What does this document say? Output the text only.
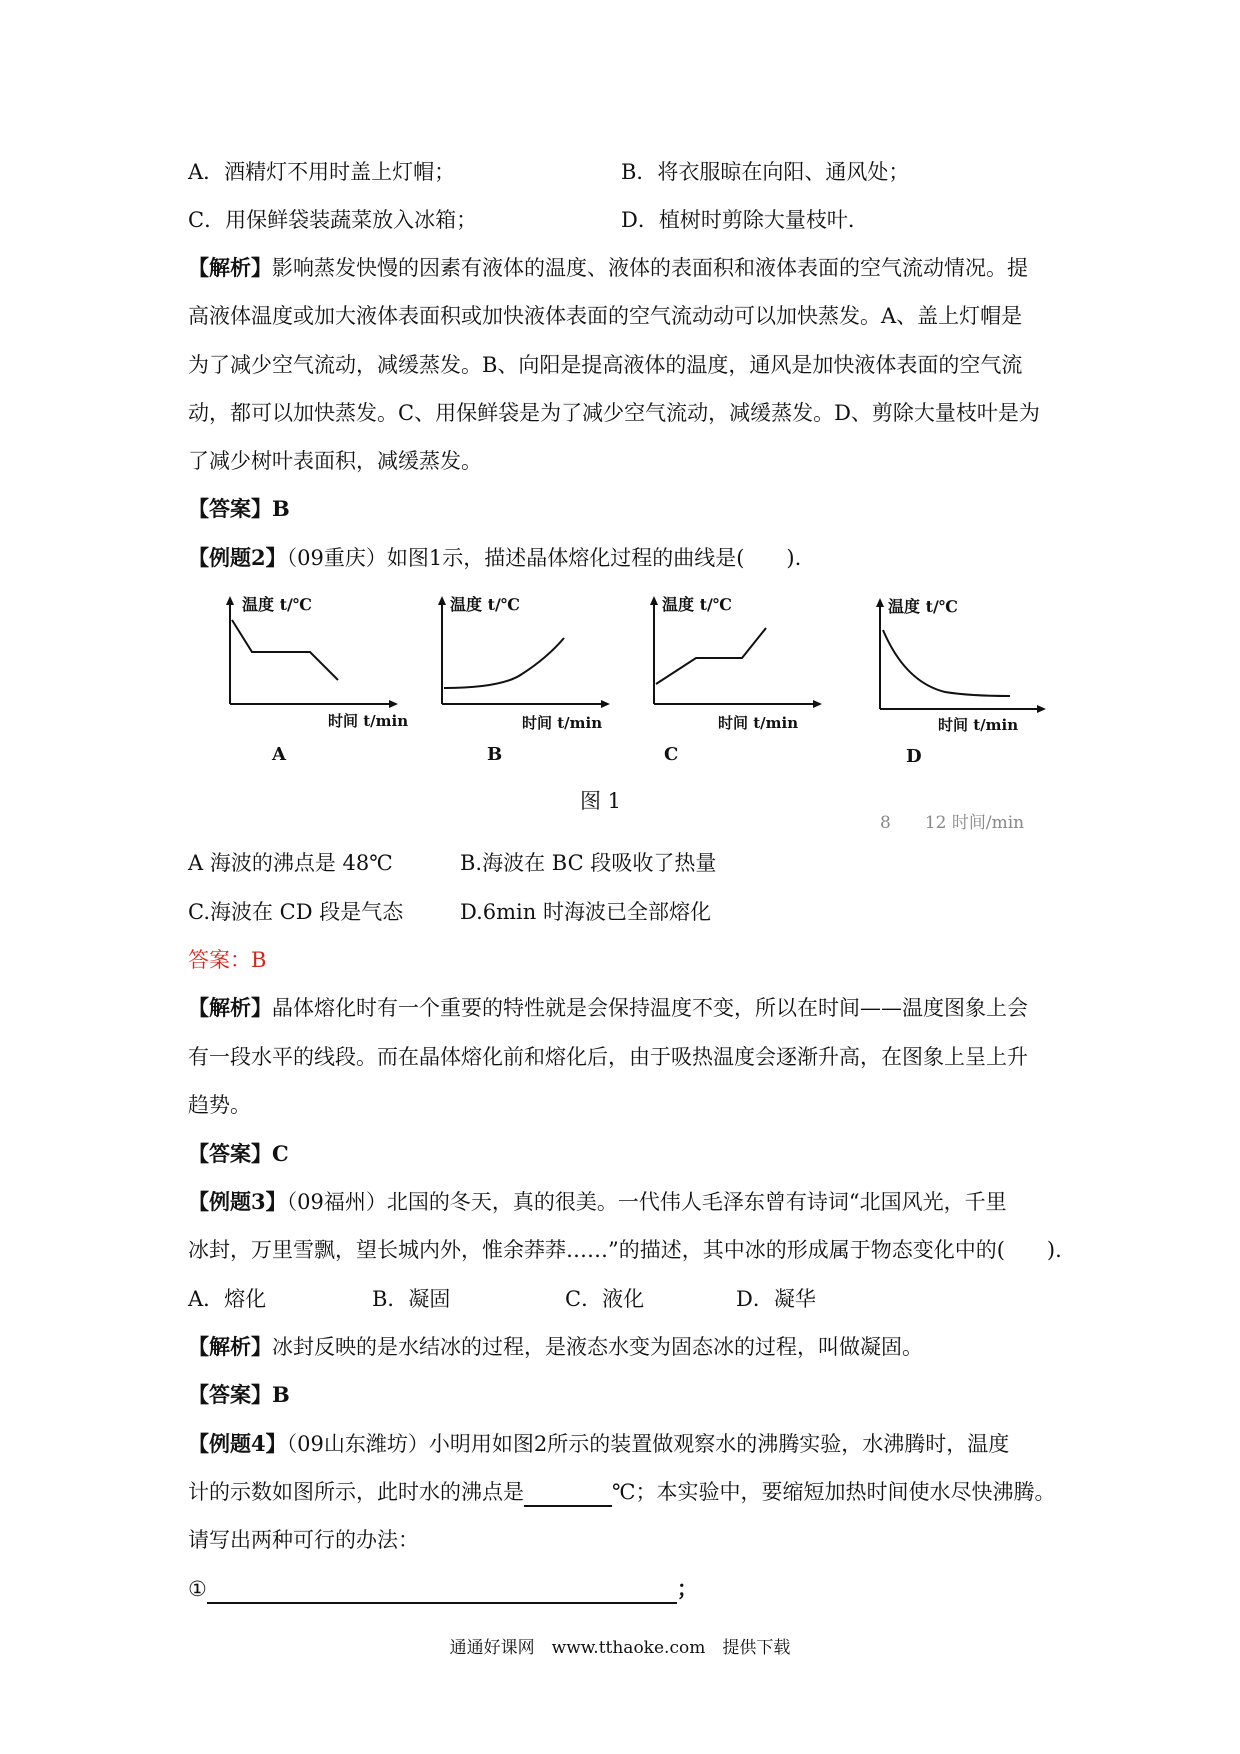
A．酒精灯不用时盖上灯帽；	B．将衣服晾在向阳、通风处；
C．用保鲜袋装蔬菜放入冰箱；	D．植树时剪除大量枝叶．
【解析】影响蒸发快慢的因素有液体的温度、液体的表面积和液体表面的空气流动情况。提
高液体温度或加大液体表面积或加快液体表面的空气流动动可以加快蒸发。A、盖上灯帽是
为了减少空气流动，减缓蒸发。B、向阳是提高液体的温度，通风是加快液体表面的空气流
动，都可以加快蒸发。C、用保鲜袋是为了减少空气流动，减缓蒸发。D、剪除大量枝叶是为
了减少树叶表面积，减缓蒸发。
【答案】B
【例题2】（09重庆）如图1示，描述晶体熔化过程的曲线是(　　).
温度 t/℃
时间 t/min
A
温度 t/℃
时间 t/min
B
温度 t/℃
时间 t/min
C
温度 t/℃
时间 t/min
D
图 1
8　　12 时间/min
A 海波的沸点是 48℃	B.海波在 BC 段吸收了热量
C.海波在 CD 段是气态	D.6min 时海波已全部熔化
答案：B
【解析】晶体熔化时有一个重要的特性就是会保持温度不变，所以在时间——温度图象上会
有一段水平的线段。而在晶体熔化前和熔化后，由于吸热温度会逐渐升高，在图象上呈上升
趋势。
【答案】C
【例题3】（09福州）北国的冬天，真的很美。一代伟人毛泽东曾有诗词“北国风光，千里
冰封，万里雪飘，望长城内外，惟余莽莽……”的描述，其中冰的形成属于物态变化中的(　　).
A．熔化	B．凝固	C．液化	D．凝华
【解析】冰封反映的是水结冰的过程，是液态水变为固态冰的过程，叫做凝固。
【答案】B
【例题4】（09山东潍坊）小明用如图2所示的装置做观察水的沸腾实验，水沸腾时，温度
计的示数如图所示，此时水的沸点是	℃；本实验中，要缩短加热时间使水尽快沸腾。
请写出两种可行的办法：
①	；
通通好课网　www.tthaoke.com　提供下载
